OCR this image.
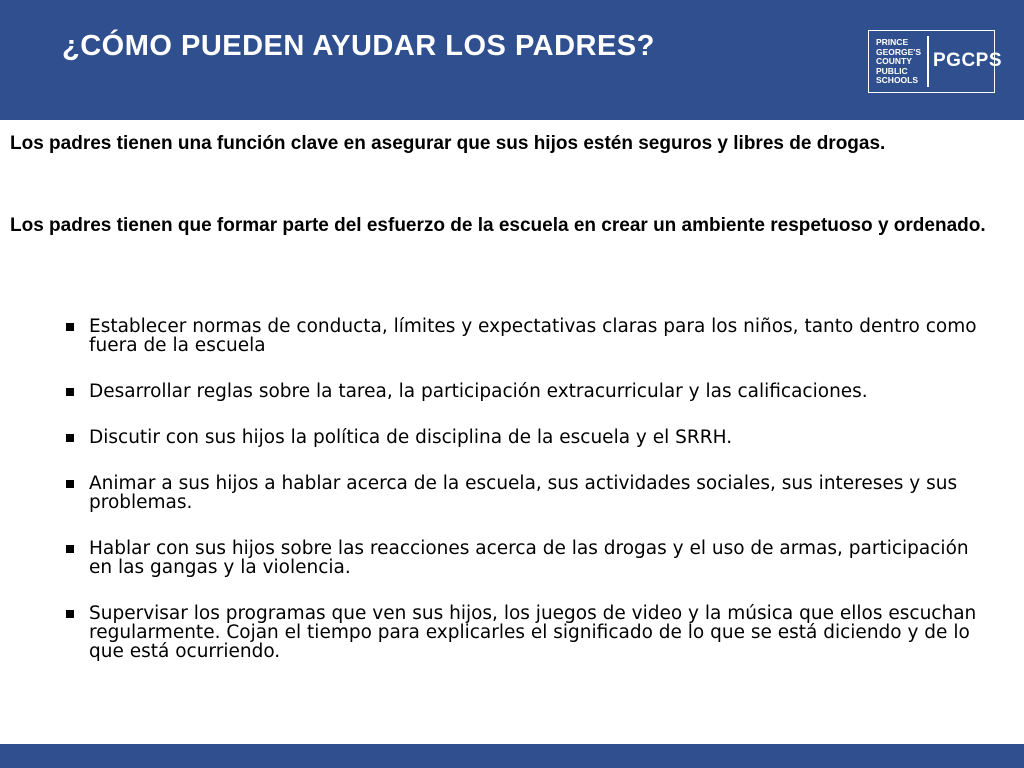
¿CÓMO PUEDEN AYUDAR LOS PADRES?	PRINCE
GEORGE'S
COUNTY
PUBLIC
SCHOOLS
PGCPS
Los padres tienen una función clave en asegurar que sus hijos estén seguros y libres de drogas.
Los padres tienen que formar parte del esfuerzo de la escuela en crear un ambiente respetuoso y ordenado.
Establecer normas de conducta, límites y expectativas claras para los niños, tanto dentro como fuera de la escuela
Desarrollar reglas sobre la tarea, la participación extracurricular y las calificaciones.
Discutir con sus hijos la política de disciplina de la escuela y el SRRH.
Animar a sus hijos a hablar acerca de la escuela, sus actividades sociales, sus intereses y sus problemas.
Hablar con sus hijos sobre las reacciones acerca de las drogas y el uso de armas, participación en las gangas y la violencia.
Supervisar los programas que ven sus hijos, los juegos de video y la música que ellos escuchan regularmente. Cojan el tiempo para explicarles el significado de lo que se está diciendo y de lo que está ocurriendo.
